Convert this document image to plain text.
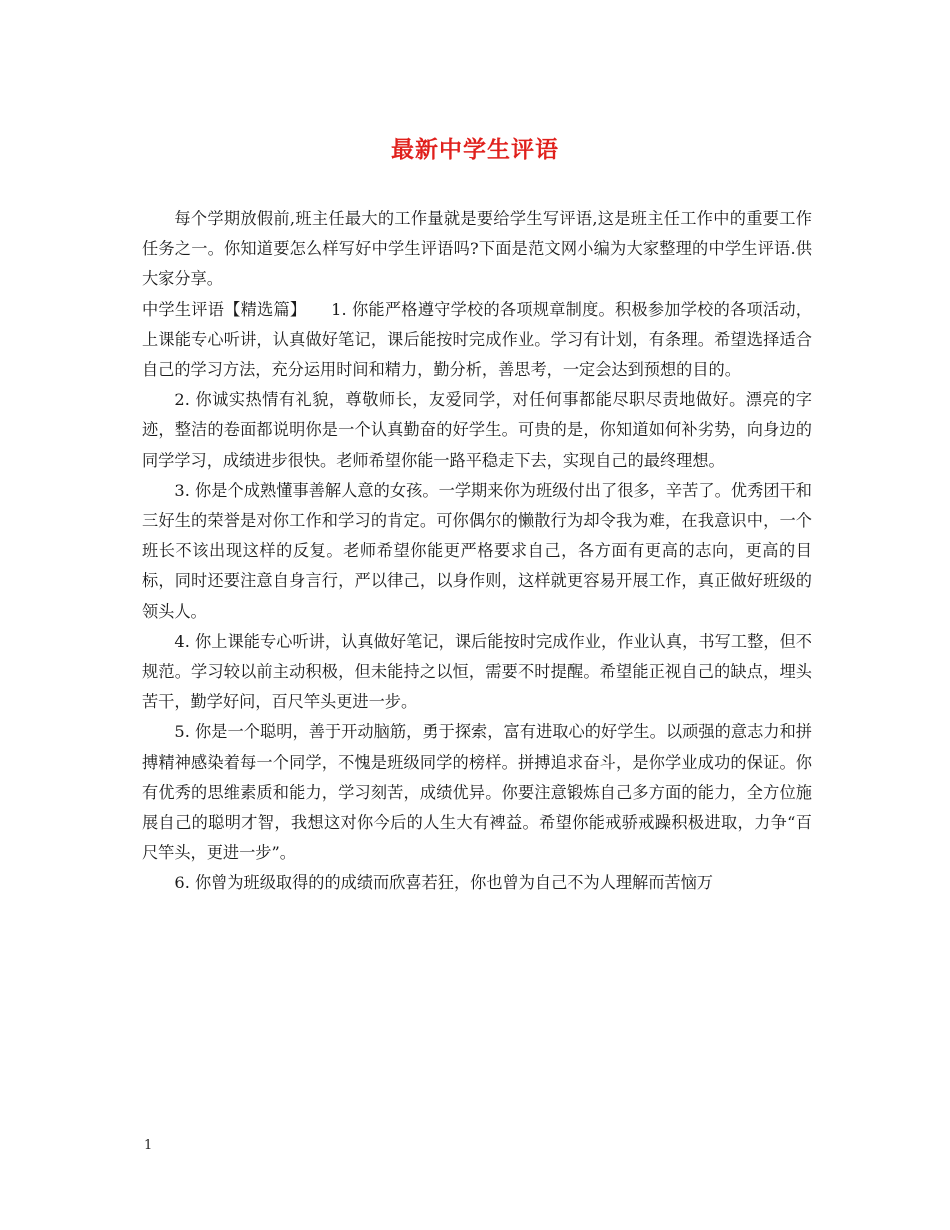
最新中学生评语

每个学期放假前,班主任最大的工作量就是要给学生写评语,这是班主任工作中的重要工作任务之一。你知道要怎么样写好中学生评语吗?下面是范文网小编为大家整理的中学生评语.供大家分享。

中学生评语【精选篇】　　1. 你能严格遵守学校的各项规章制度。积极参加学校的各项活动，上课能专心听讲，认真做好笔记，课后能按时完成作业。学习有计划，有条理。希望选择适合自己的学习方法，充分运用时间和精力，勤分析，善思考，一定会达到预想的目的。

2. 你诚实热情有礼貌，尊敬师长，友爱同学，对任何事都能尽职尽责地做好。漂亮的字迹，整洁的卷面都说明你是一个认真勤奋的好学生。可贵的是，你知道如何补劣势，向身边的同学学习，成绩进步很快。老师希望你能一路平稳走下去，实现自己的最终理想。

3. 你是个成熟懂事善解人意的女孩。一学期来你为班级付出了很多，辛苦了。优秀团干和三好生的荣誉是对你工作和学习的肯定。可你偶尔的懒散行为却令我为难，在我意识中，一个班长不该出现这样的反复。老师希望你能更严格要求自己，各方面有更高的志向，更高的目标，同时还要注意自身言行，严以律己，以身作则，这样就更容易开展工作，真正做好班级的领头人。

4. 你上课能专心听讲，认真做好笔记，课后能按时完成作业，作业认真，书写工整，但不规范。学习较以前主动积极，但未能持之以恒，需要不时提醒。希望能正视自己的缺点，埋头苦干，勤学好问，百尺竿头更进一步。

5. 你是一个聪明，善于开动脑筋，勇于探索，富有进取心的好学生。以顽强的意志力和拼搏精神感染着每一个同学，不愧是班级同学的榜样。拼搏追求奋斗，是你学业成功的保证。你有优秀的思维素质和能力，学习刻苦，成绩优异。你要注意锻炼自己多方面的能力，全方位施展自己的聪明才智，我想这对你今后的人生大有裨益。希望你能戒骄戒躁积极进取，力争“百尺竿头，更进一步”。

6. 你曾为班级取得的的成绩而欣喜若狂，你也曾为自己不为人理解而苦恼万

1
